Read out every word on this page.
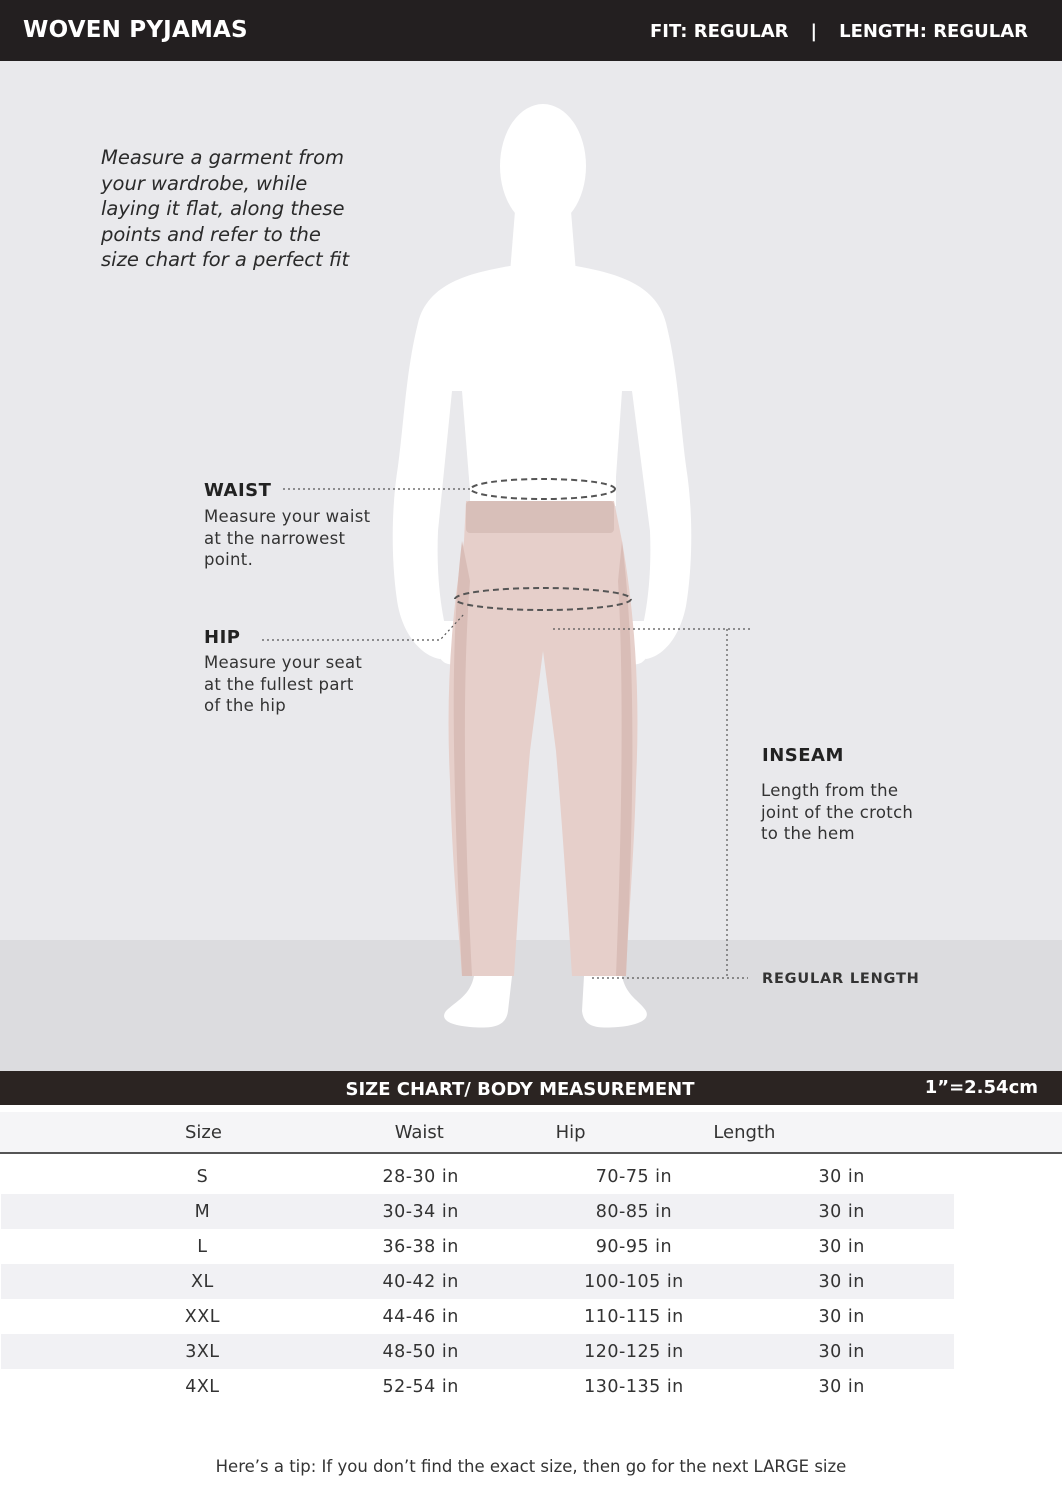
WOVEN PYJAMAS	FIT: REGULAR | LENGTH: REGULAR
Measure a garment from your wardrobe, while laying it flat, along these points and refer to the size chart for a perfect fit
WAIST
Measure your waist
at the narrowest
point.
HIP
Measure your seat
at the fullest part
of the hip
INSEAM
Length from the
joint of the crotch
to the hem
REGULAR LENGTH
SIZE CHART/ BODY MEASUREMENT	1”=2.54cm
Size	Waist	Hip	Length
S	28-30 in	70-75 in	30 in
M	30-34 in	80-85 in	30 in
L	36-38 in	90-95 in	30 in
XL	40-42 in	100-105 in	30 in
XXL	44-46 in	110-115 in	30 in
3XL	48-50 in	120-125 in	30 in
4XL	52-54 in	130-135 in	30 in
Here’s a tip: If you don’t find the exact size, then go for the next LARGE size
